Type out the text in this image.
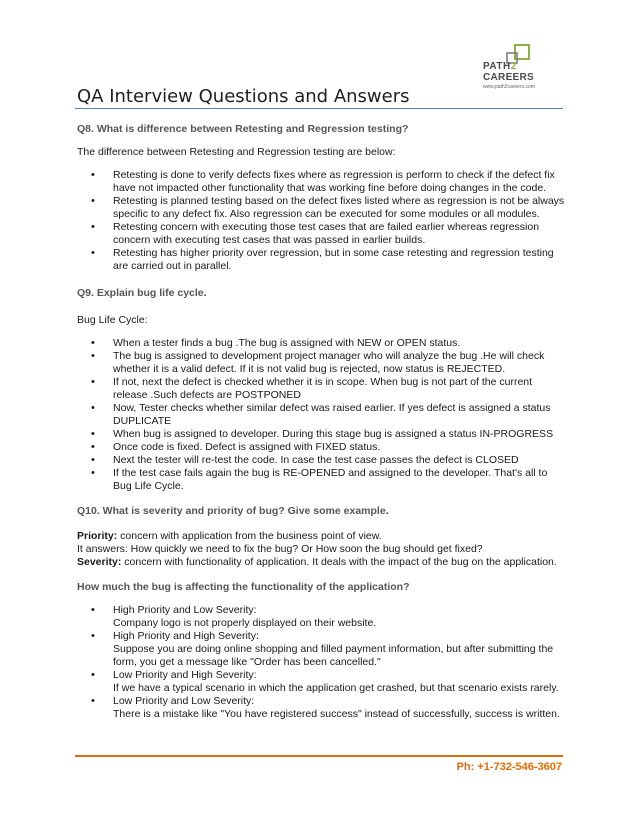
PATH2
CAREERS
www.path2careers.com
QA Interview Questions and Answers

Q8. What is difference between Retesting and Regression testing?

The difference between Retesting and Regression testing are below:

• Retesting is done to verify defects fixes where as regression is perform to check if the defect fix have not impacted other functionality that was working fine before doing changes in the code.
• Retesting is planned testing based on the defect fixes listed where as regression is not be always specific to any defect fix. Also regression can be executed for some modules or all modules.
• Retesting concern with executing those test cases that are failed earlier whereas regression concern with executing test cases that was passed in earlier builds.
• Retesting has higher priority over regression, but in some case retesting and regression testing are carried out in parallel.

Q9. Explain bug life cycle.

Bug Life Cycle:

• When a tester finds a bug .The bug is assigned with NEW or OPEN status.
• The bug is assigned to development project manager who will analyze the bug .He will check whether it is a valid defect. If it is not valid bug is rejected, now status is REJECTED.
• If not, next the defect is checked whether it is in scope. When bug is not part of the current release .Such defects are POSTPONED
• Now, Tester checks whether similar defect was raised earlier. If yes defect is assigned a status DUPLICATE
• When bug is assigned to developer. During this stage bug is assigned a status IN-PROGRESS
• Once code is fixed. Defect is assigned with FIXED status.
• Next the tester will re-test the code. In case the test case passes the defect is CLOSED
• If the test case fails again the bug is RE-OPENED and assigned to the developer. That's all to Bug Life Cycle.

Q10. What is severity and priority of bug? Give some example.

Priority: concern with application from the business point of view.

It answers: How quickly we need to fix the bug? Or How soon the bug should get fixed?

Severity: concern with functionality of application. It deals with the impact of the bug on the application.

How much the bug is affecting the functionality of the application?

• High Priority and Low Severity:
Company logo is not properly displayed on their website.
• High Priority and High Severity:
Suppose you are doing online shopping and filled payment information, but after submitting the form, you get a message like "Order has been cancelled."
• Low Priority and High Severity:
If we have a typical scenario in which the application get crashed, but that scenario exists rarely.
• Low Priority and Low Severity:
There is a mistake like "You have registered success" instead of successfully, success is written.
Ph: +1-732-546-3607
